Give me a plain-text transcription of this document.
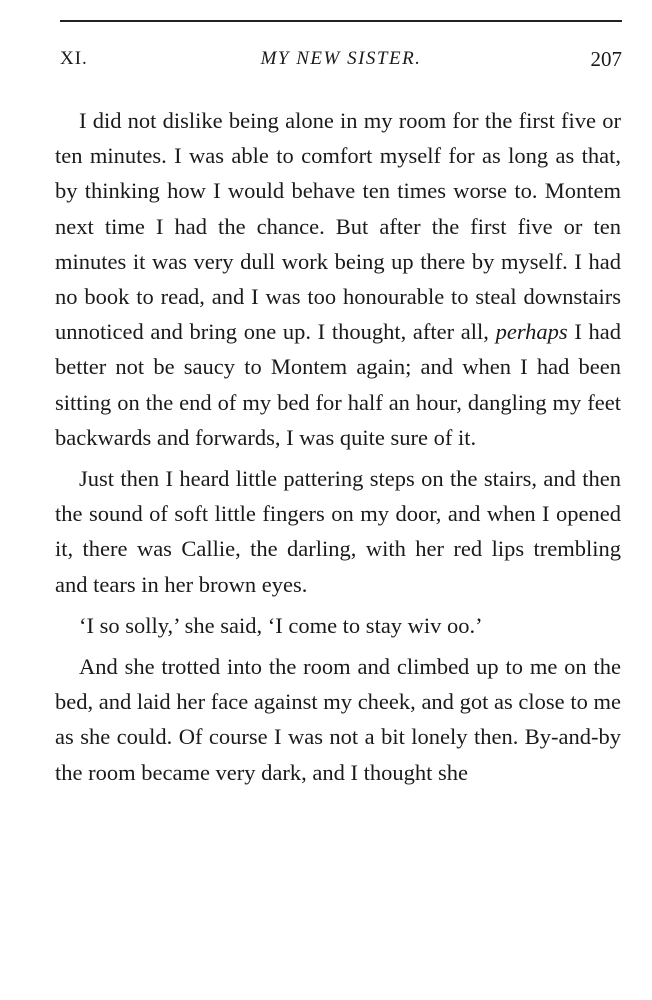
XI.	MY NEW SISTER.	207

I did not dislike being alone in my room for the first five or ten minutes. I was able to comfort myself for as long as that, by thinking how I would behave ten times worse to. Montem next time I had the chance. But after the first five or ten minutes it was very dull work being up there by myself. I had no book to read, and I was too honourable to steal downstairs unnoticed and bring one up. I thought, after all, perhaps I had better not be saucy to Montem again; and when I had been sitting on the end of my bed for half an hour, dangling my feet backwards and forwards, I was quite sure of it.

Just then I heard little pattering steps on the stairs, and then the sound of soft little fingers on my door, and when I opened it, there was Callie, the darling, with her red lips trembling and tears in her brown eyes.

‘I so solly,’ she said, ‘I come to stay wiv oo.’

And she trotted into the room and climbed up to me on the bed, and laid her face against my cheek, and got as close to me as she could. Of course I was not a bit lonely then. By-and-by the room became very dark, and I thought she
